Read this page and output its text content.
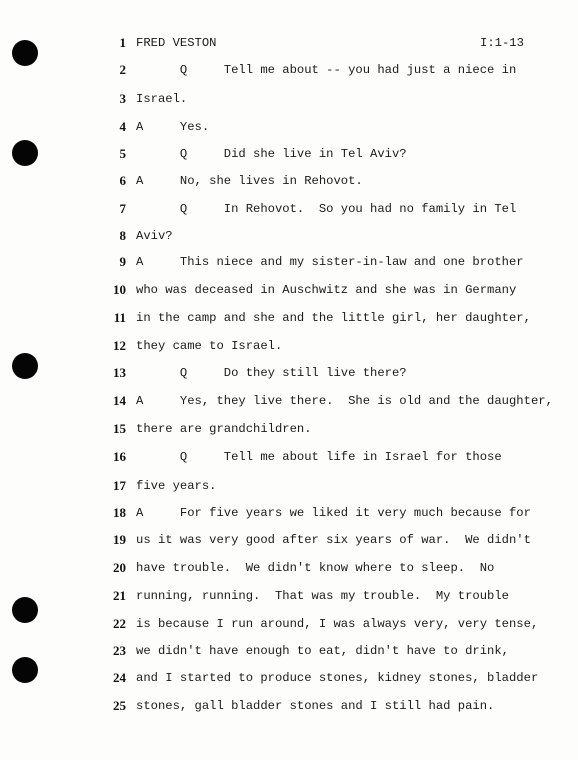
I:1-13
1 FRED VESTON
2 Q     Tell me about -- you had just a niece in
3 Israel.
4 A     Yes.
5 Q     Did she live in Tel Aviv?
6 A     No, she lives in Rehovot.
7 Q     In Rehovot.  So you had no family in Tel
8 Aviv?
9 A     This niece and my sister-in-law and one brother
10 who was deceased in Auschwitz and she was in Germany
11 in the camp and she and the little girl, her daughter,
12 they came to Israel.
13 Q     Do they still live there?
14 A     Yes, they live there.  She is old and the daughter,
15 there are grandchildren.
16 Q     Tell me about life in Israel for those
17 five years.
18 A     For five years we liked it very much because for
19 us it was very good after six years of war.  We didn't
20 have trouble.  We didn't know where to sleep.  No
21 running, running.  That was my trouble.  My trouble
22 is because I run around, I was always very, very tense,
23 we didn't have enough to eat, didn't have to drink,
24 and I started to produce stones, kidney stones, bladder
25 stones, gall bladder stones and I still had pain.
